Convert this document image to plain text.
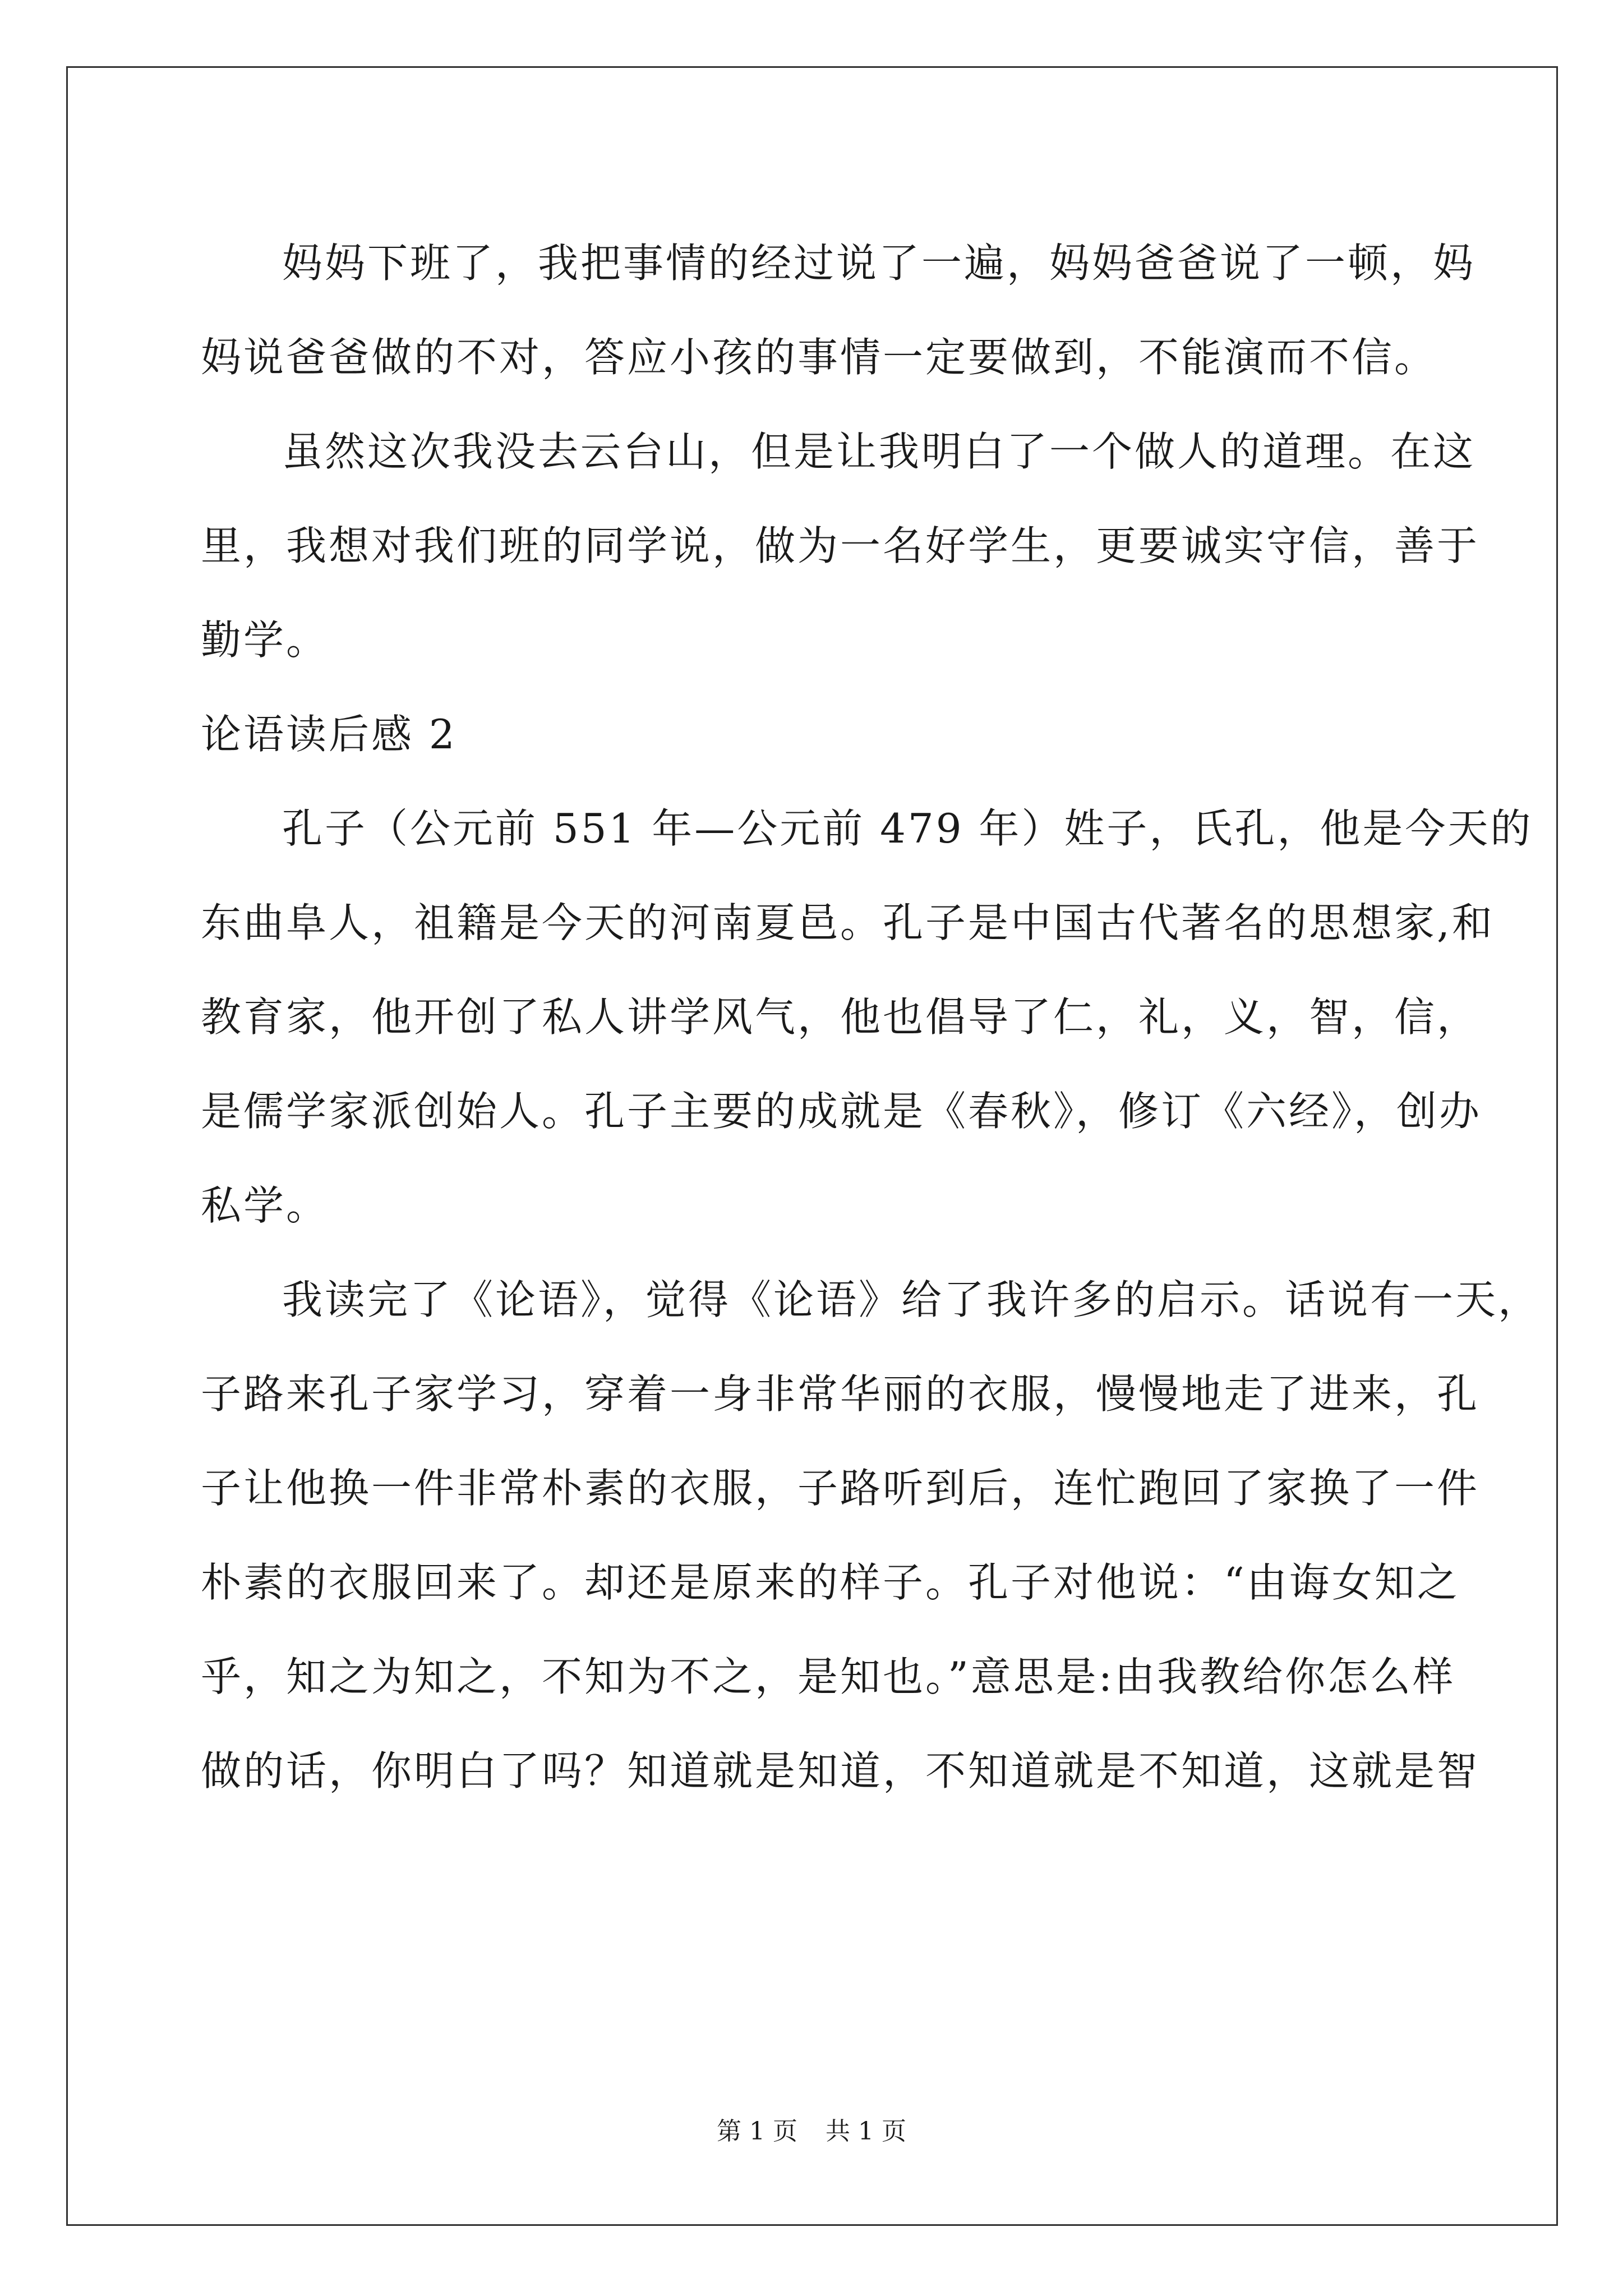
妈妈下班了，我把事情的经过说了一遍，妈妈爸爸说了一顿，妈

妈说爸爸做的不对，答应小孩的事情一定要做到，不能演而不信。

虽然这次我没去云台山，但是让我明白了一个做人的道理。在这

里，我想对我们班的同学说，做为一名好学生，更要诚实守信，善于

勤学。

论语读后感 2

孔子（公元前 551 年—公元前 479 年）姓子，氏孔，他是今天的

东曲阜人，祖籍是今天的河南夏邑。孔子是中国古代著名的思想家,和

教育家，他开创了私人讲学风气，他也倡导了仁，礼，义，智，信，

是儒学家派创始人。孔子主要的成就是《春秋》，修订《六经》，创办

私学。

我读完了《论语》，觉得《论语》给了我许多的启示。话说有一天，

子路来孔子家学习，穿着一身非常华丽的衣服，慢慢地走了进来，孔

子让他换一件非常朴素的衣服，子路听到后，连忙跑回了家换了一件

朴素的衣服回来了。却还是原来的样子。孔子对他说：“由诲女知之

乎，知之为知之，不知为不之，是知也。”意思是:由我教给你怎么样

做的话，你明白了吗？知道就是知道，不知道就是不知道，这就是智

第 1 页 共 1 页
